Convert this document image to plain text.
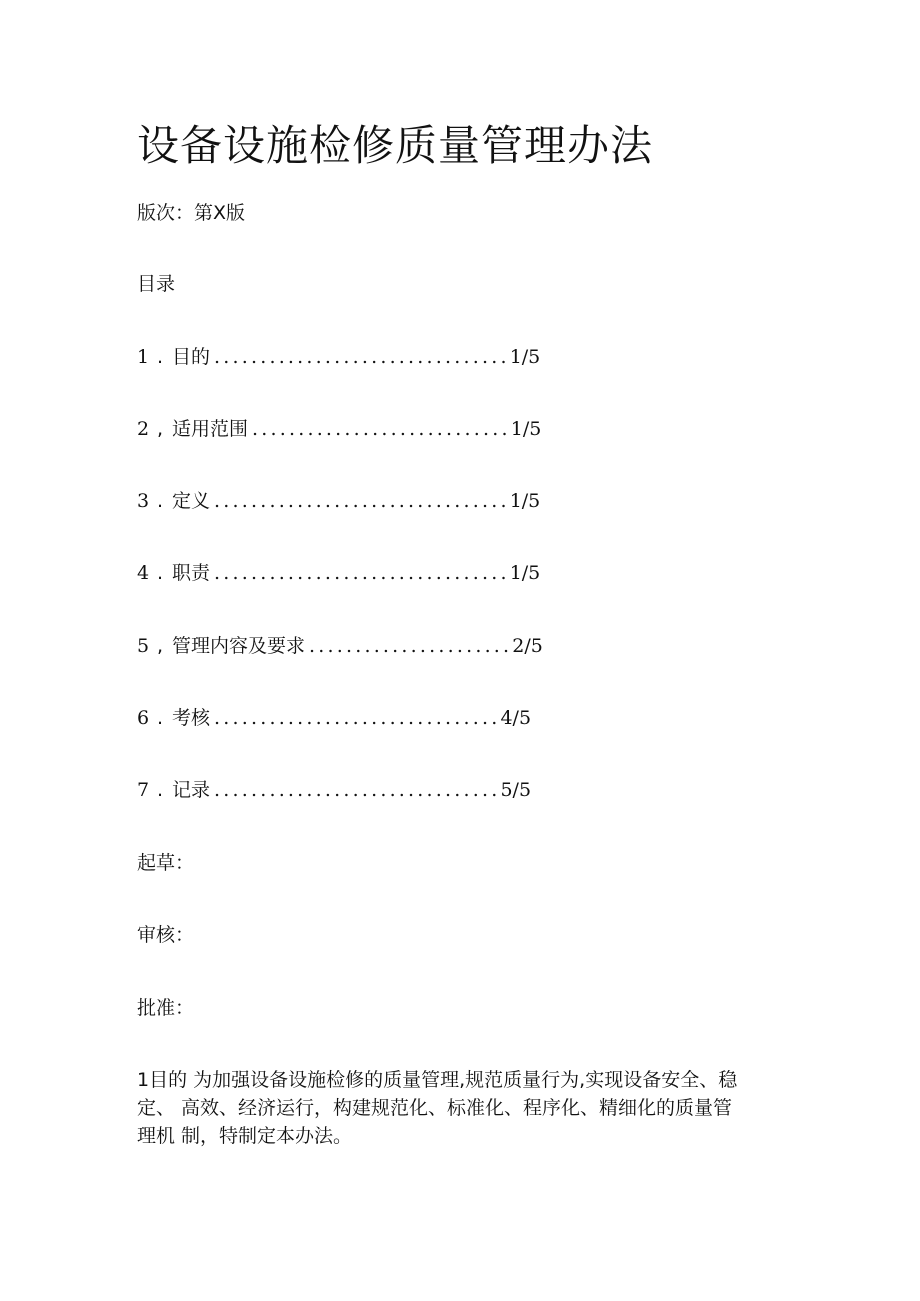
设备设施检修质量管理办法

版次：第X版

目录

1 . 目的 ................................ 1/5
2 , 适用范围 ............................ 1/5
3 . 定义 ................................ 1/5
4 . 职责 ................................ 1/5
5 , 管理内容及要求 ...................... 2/5
6 . 考核 ............................... 4/5
7 . 记录 ............................... 5/5

起草：

审核：

批准：

1目的 为加强设备设施检修的质量管理,规范质量行为,实现设备安全、稳
定、 高效、经济运行，构建规范化、标准化、程序化、精细化的质量管
理机 制，特制定本办法。
